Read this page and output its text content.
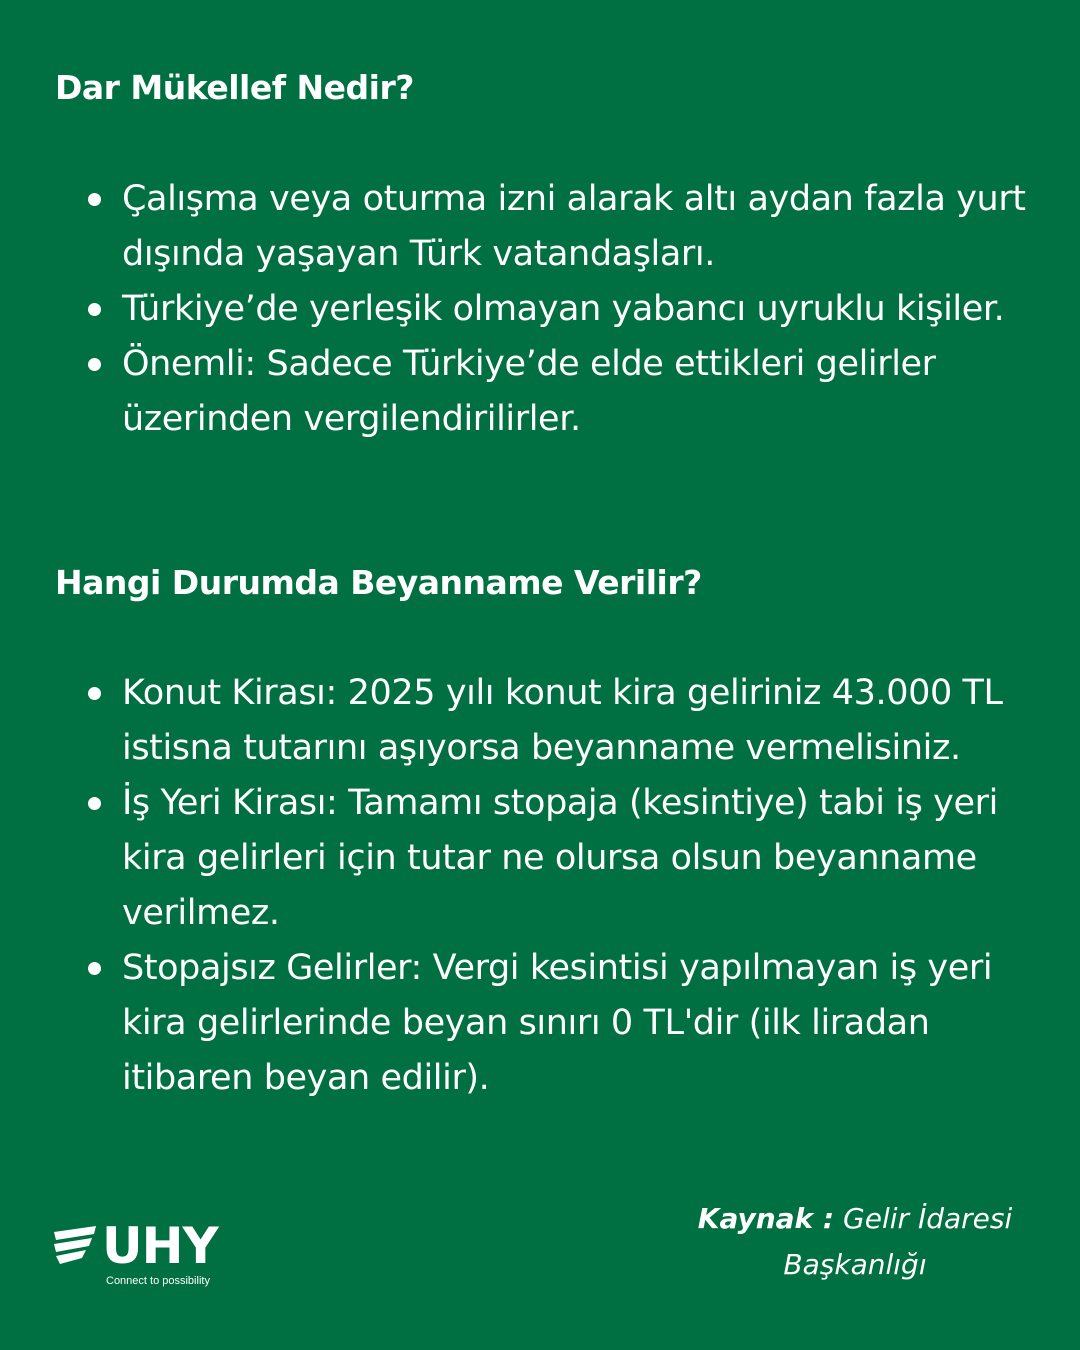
Dar Mükellef Nedir?
Çalışma veya oturma izni alarak altı aydan fazla yurt dışında yaşayan Türk vatandaşları.
Türkiye’de yerleşik olmayan yabancı uyruklu kişiler.
Önemli: Sadece Türkiye’de elde ettikleri gelirler üzerinden vergilendirilirler.
Hangi Durumda Beyanname Verilir?
Konut Kirası: 2025 yılı konut kira geliriniz 43.000 TL istisna tutarını aşıyorsa beyanname vermelisiniz.
İş Yeri Kirası: Tamamı stopaja (kesintiye) tabi iş yeri kira gelirleri için tutar ne olursa olsun beyanname verilmez.
Stopajsız Gelirler: Vergi kesintisi yapılmayan iş yeri kira gelirlerinde beyan sınırı 0 TL'dir (ilk liradan itibaren beyan edilir).
UHY
Connect to possibility
Kaynak : Gelir İdaresi Başkanlığı
